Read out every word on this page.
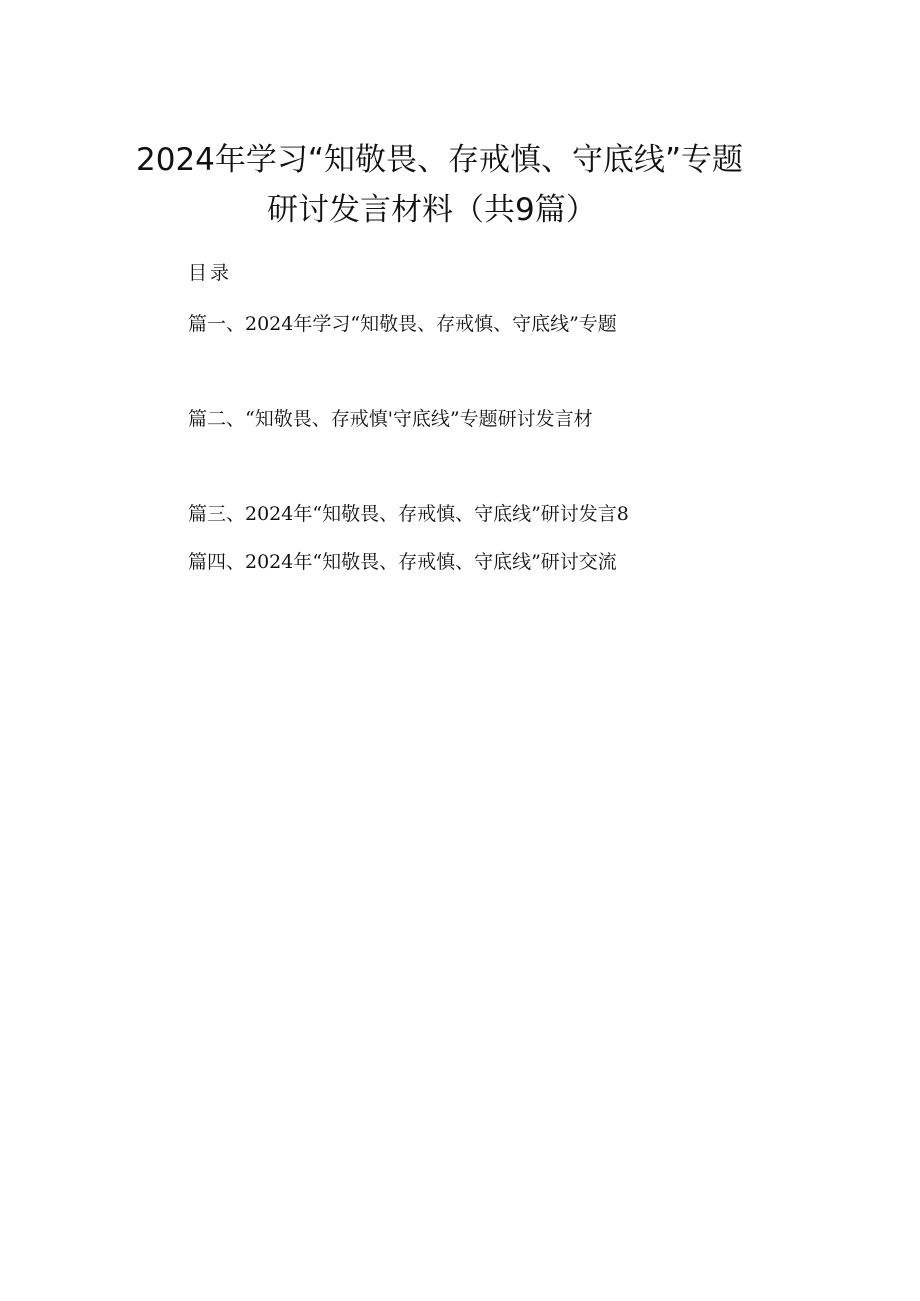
2024年学习“知敬畏、存戒慎、守底线”专题
研讨发言材料（共9篇）
目录
篇一、2024年学习“知敬畏、存戒慎、守底线”专题
篇二、“知敬畏、存戒慎'守底线”专题研讨发言材
篇三、2024年“知敬畏、存戒慎、守底线”研讨发言8
篇四、2024年“知敬畏、存戒慎、守底线”研讨交流
